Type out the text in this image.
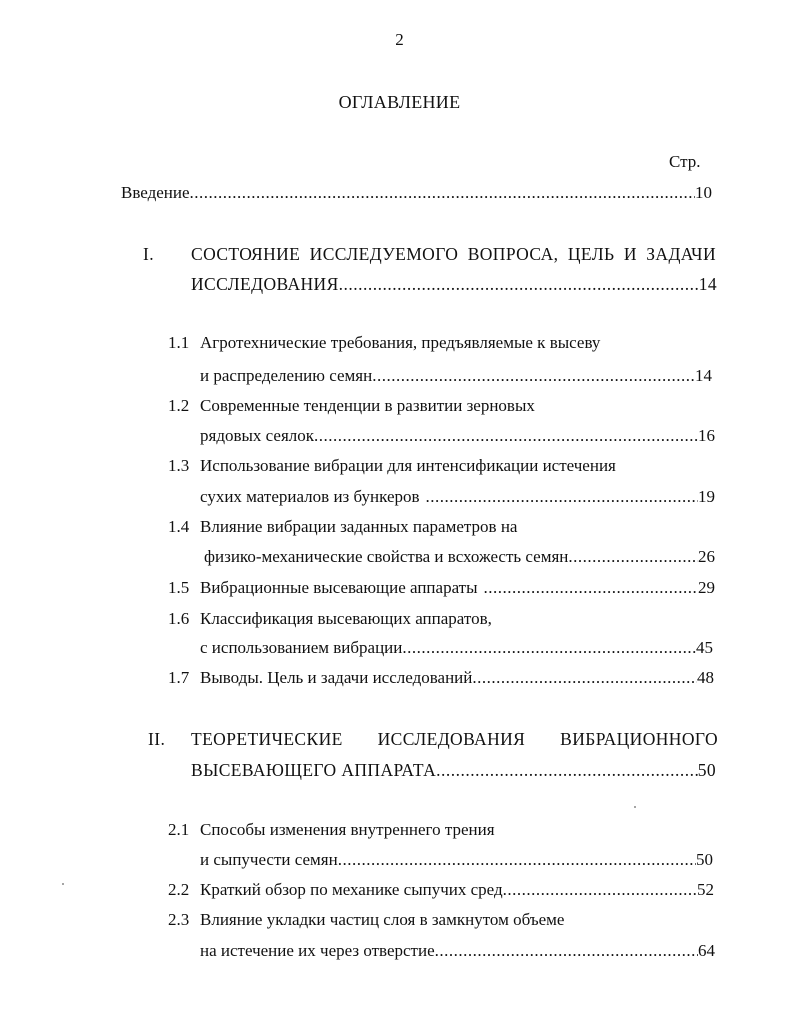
2
ОГЛАВЛЕНИЕ
Стр.
Введение .....	10
I. СОСТОЯНИЕ ИССЛЕДУЕМОГО ВОПРОСА, ЦЕЛЬ И ЗАДАЧИ
ИССЛЕДОВАНИЯ .....	14
1.1 Агротехнические требования, предъявляемые к высеву
и распределению семян .....	14
1.2 Современные тенденции в развитии зерновых
рядовых сеялок .....	16
1.3 Использование вибрации для интенсификации истечения
сухих материалов из бункеров .....	19
1.4 Влияние вибрации заданных параметров на
физико-механические свойства и всхожесть семян .....	26
1.5 Вибрационные высевающие аппараты .....	29
1.6 Классификация высевающих аппаратов,
с использованием вибрации .....	45
1.7 Выводы. Цель и задачи исследований .....	48
II. ТЕОРЕТИЧЕСКИЕ ИССЛЕДОВАНИЯ ВИБРАЦИОННОГО
ВЫСЕВАЮЩЕГО АППАРАТА .....	50
2.1 Способы изменения внутреннего трения
и сыпучести семян .....	50
2.2 Краткий обзор по механике сыпучих сред .....	52
2.3 Влияние укладки частиц слоя в замкнутом объеме
на истечение их через отверстие .....	64
